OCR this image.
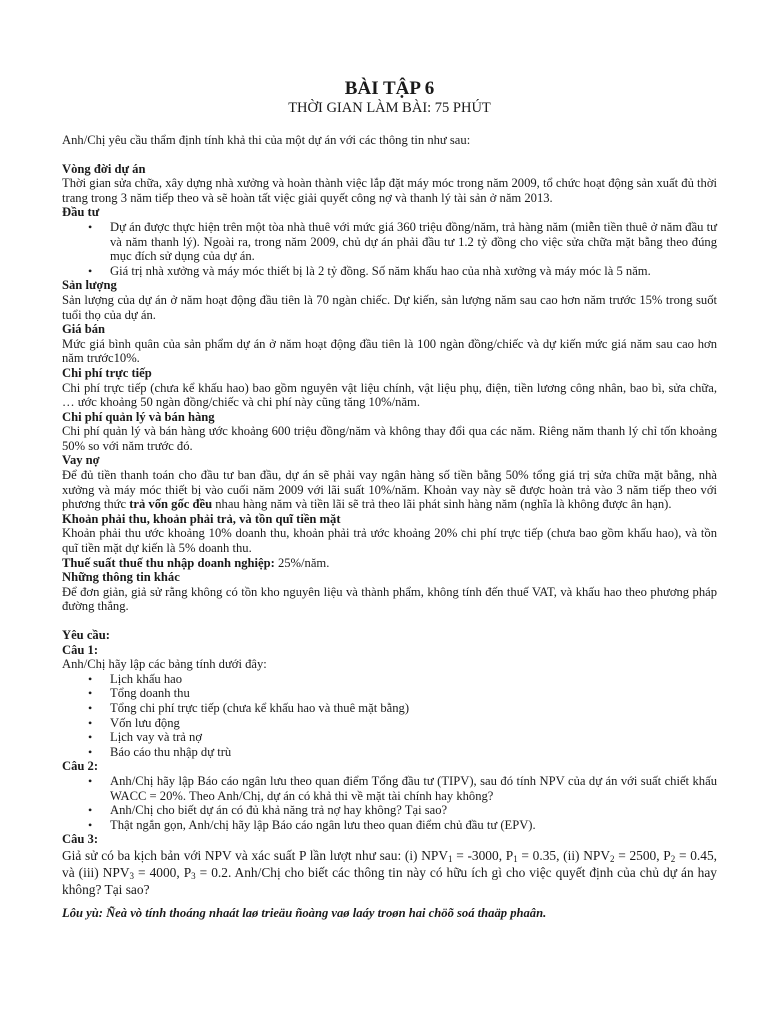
BÀI TẬP 6

THỜI GIAN LÀM BÀI: 75 PHÚT

Anh/Chị yêu cầu thẩm định tính khả thi của một dự án với các thông tin như sau:

Vòng đời dự án

Thời gian sửa chữa, xây dựng nhà xưởng và hoàn thành việc lắp đặt máy móc trong năm 2009, tổ chức hoạt động sản xuất đủ thời trang trong 3 năm tiếp theo và sẽ hoàn tất việc giải quyết công nợ và thanh lý tài sản ở năm 2013.

Đầu tư

• Dự án được thực hiện trên một tòa nhà thuê với mức giá 360 triệu đồng/năm, trả hàng năm (miễn tiền thuê ở năm đầu tư và năm thanh lý). Ngoài ra, trong năm 2009, chủ dự án phải đầu tư 1.2 tỷ đồng cho việc sửa chữa mặt bằng theo đúng mục đích sử dụng của dự án.
• Giá trị nhà xưởng và máy móc thiết bị là 2 tỷ đồng. Số năm khấu hao của nhà xưởng và máy móc là 5 năm.

Sản lượng

Sản lượng của dự án ở năm hoạt động đầu tiên là 70 ngàn chiếc. Dự kiến, sản lượng năm sau cao hơn năm trước 15% trong suốt tuổi thọ của dự án.

Giá bán

Mức giá bình quân của sản phẩm dự án ở năm hoạt động đầu tiên là 100 ngàn đồng/chiếc và dự kiến mức giá năm sau cao hơn năm trước10%.

Chi phí trực tiếp

Chi phí trực tiếp (chưa kể khấu hao) bao gồm nguyên vật liệu chính, vật liệu phụ, điện, tiền lương công nhân, bao bì, sửa chữa, … ước khoảng 50 ngàn đồng/chiếc và chi phí này cũng tăng 10%/năm.

Chi phí quản lý và bán hàng

Chi phí quản lý và bán hàng ước khoảng 600 triệu đồng/năm và không thay đổi qua các năm. Riêng năm thanh lý chỉ tốn khoảng 50% so với năm trước đó.

Vay nợ

Để đủ tiền thanh toán cho đầu tư ban đầu, dự án sẽ phải vay ngân hàng số tiền bằng 50% tổng giá trị sửa chữa mặt bằng, nhà xưởng và máy móc thiết bị vào cuối năm 2009 với lãi suất 10%/năm. Khoản vay này sẽ được hoàn trả vào 3 năm tiếp theo với phương thức trả vốn gốc đều nhau hàng năm và tiền lãi sẽ trả theo lãi phát sinh hàng năm (nghĩa là không được ân hạn).

Khoản phải thu, khoản phải trả, và tồn quĩ tiền mặt

Khoản phải thu ước khoảng 10% doanh thu, khoản phải trả ước khoảng 20% chi phí trực tiếp (chưa bao gồm khấu hao), và tồn quĩ tiền mặt dự kiến là 5% doanh thu.

Thuế suất thuế thu nhập doanh nghiệp: 25%/năm.

Những thông tin khác

Để đơn giản, giả sử rằng không có tồn kho nguyên liệu và thành phẩm, không tính đến thuế VAT, và khấu hao theo phương pháp đường thẳng.

Yêu cầu:

Câu 1:

Anh/Chị hãy lập các bảng tính dưới đây:

• Lịch khấu hao
• Tổng doanh thu
• Tổng chi phí trực tiếp (chưa kể khấu hao và thuê mặt bằng)
• Vốn lưu động
• Lịch vay và trả nợ
• Báo cáo thu nhập dự trù

Câu 2:

• Anh/Chị hãy lập Báo cáo ngân lưu theo quan điểm Tổng đầu tư (TIPV), sau đó tính NPV của dự án với suất chiết khấu WACC = 20%. Theo Anh/Chị, dự án có khả thi về mặt tài chính hay không?
• Anh/Chị cho biết dự án có đủ khả năng trả nợ hay không? Tại sao?
• Thật ngắn gọn, Anh/chị hãy lập Báo cáo ngân lưu theo quan điểm chủ đầu tư (EPV).

Câu 3:

Giả sử có ba kịch bản với NPV và xác suất P lần lượt như sau: (i) $NPV_1 = -3000$, $P_1 = 0.35$, (ii) $NPV_2 = 2500$, $P_2 = 0.45$, và (iii) $NPV_3 = 4000$, $P_3 = 0.2$. Anh/Chị cho biết các thông tin này có hữu ích gì cho việc quyết định của chủ dự án hay không? Tại sao?

Lôu yù: Ñeà vò tính thoáng nhaát laø trieäu ñoàng vaø laáy troøn hai chöõ soá thaäp phaân.
